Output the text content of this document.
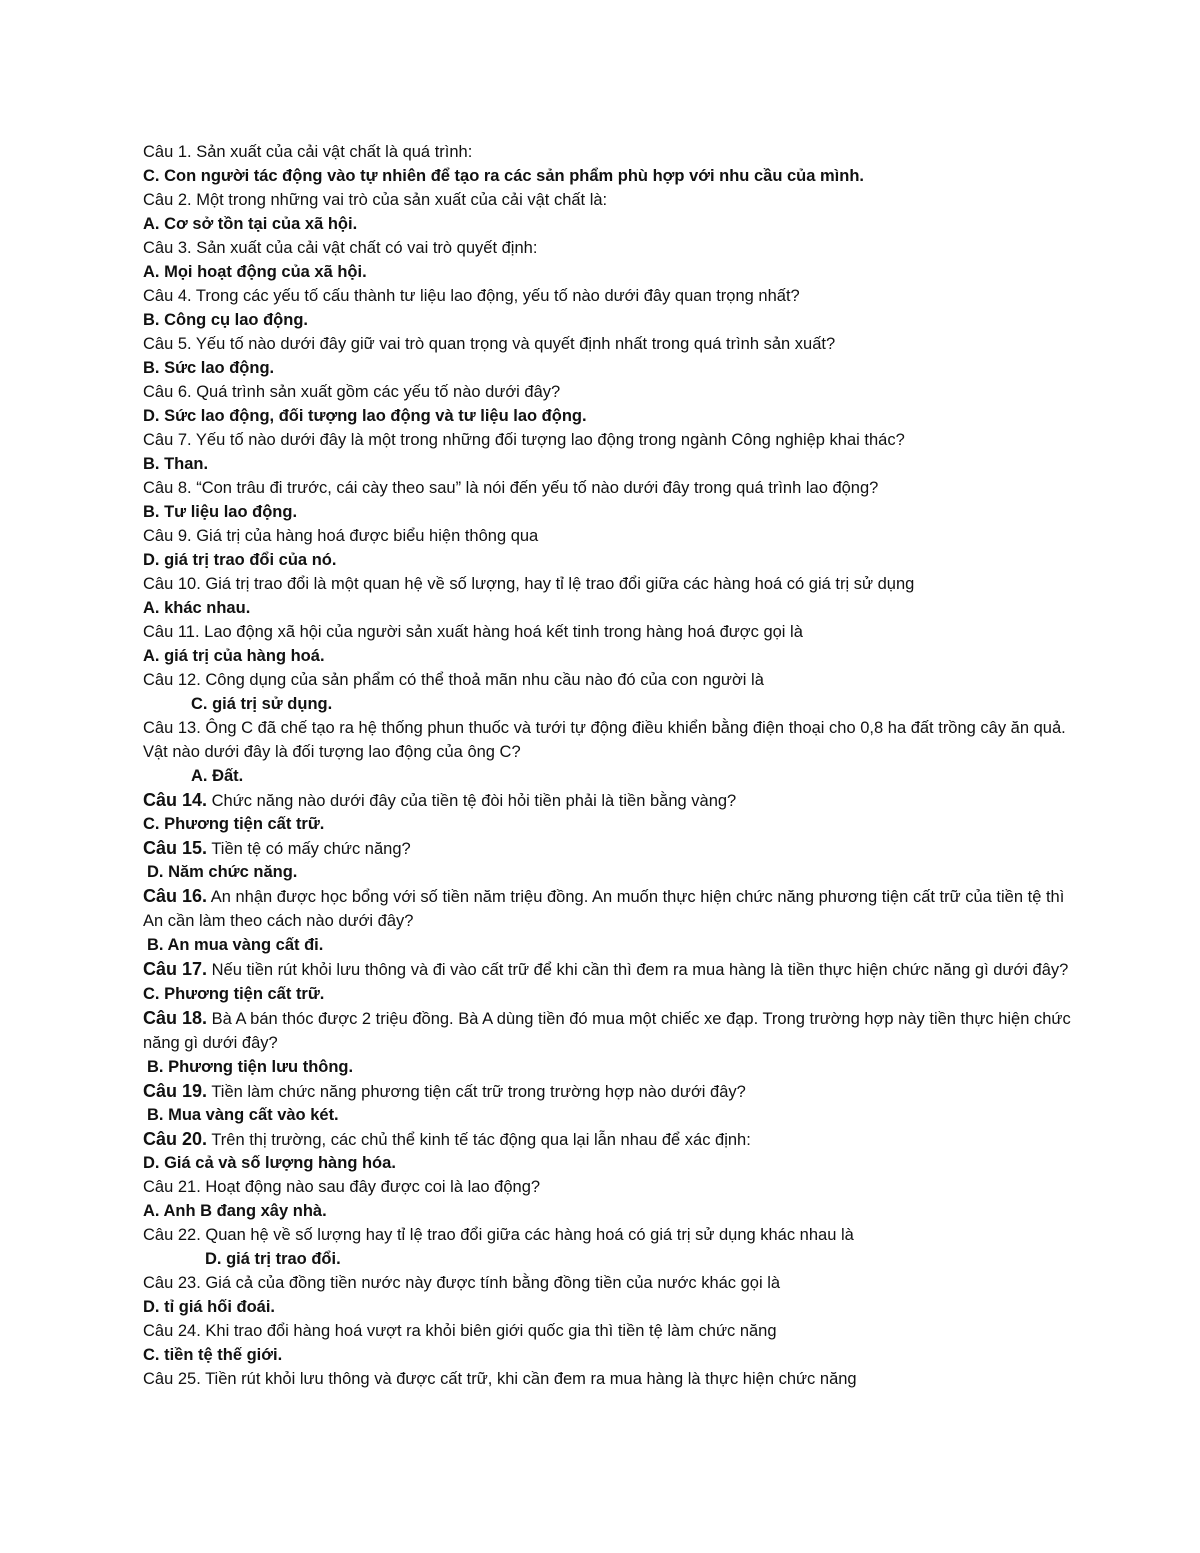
Câu 1. Sản xuất của cải vật chất là quá trình:
C. Con người tác động vào tự nhiên để tạo ra các sản phẩm phù hợp với nhu cầu của mình.
Câu 2. Một trong những vai trò của sản xuất của cải vật chất là:
A. Cơ sở tồn tại của xã hội.
Câu 3. Sản xuất của cải vật chất có vai trò quyết định:
A. Mọi hoạt động của xã hội.
Câu 4. Trong các yếu tố cấu thành tư liệu lao động, yếu tố nào dưới đây quan trọng nhất?
B. Công cụ lao động.
Câu 5. Yếu tố nào dưới đây giữ vai trò quan trọng và quyết định nhất trong quá trình sản xuất?
B. Sức lao động.
Câu 6. Quá trình sản xuất gồm các yếu tố nào dưới đây?
D. Sức lao động, đối tượng lao động và tư liệu lao động.
Câu 7. Yếu tố nào dưới đây là một trong những đối tượng lao động trong ngành Công nghiệp khai thác?
B. Than.
Câu 8. “Con trâu đi trước, cái cày theo sau” là nói đến yếu tố nào dưới đây trong quá trình lao động?
B. Tư liệu lao động.
Câu 9. Giá trị của hàng hoá được biểu hiện thông qua
D. giá trị trao đổi của nó.
Câu 10. Giá trị trao đổi là một quan hệ về số lượng, hay tỉ lệ trao đổi giữa các hàng hoá có giá trị sử dụng
A. khác nhau.
Câu 11. Lao động xã hội của người sản xuất hàng hoá kết tinh trong hàng hoá được gọi là
A. giá trị của hàng hoá.
Câu 12. Công dụng của sản phẩm có thể thoả mãn nhu cầu nào đó của con người là
C. giá trị sử dụng.
Câu 13. Ông C đã chế tạo ra hệ thống phun thuốc và tưới tự động điều khiển bằng điện thoại cho 0,8 ha đất trồng cây ăn quả. Vật nào dưới đây là đối tượng lao động của ông C?
A. Đất.
Câu 14. Chức năng nào dưới đây của tiền tệ đòi hỏi tiền phải là tiền bằng vàng?
C. Phương tiện cất trữ.
Câu 15. Tiền tệ có mấy chức năng?
D. Năm chức năng.
Câu 16. An nhận được học bổng với số tiền năm triệu đồng. An muốn thực hiện chức năng phương tiện cất trữ của tiền tệ thì An cần làm theo cách nào dưới đây?
B. An mua vàng cất đi.
Câu 17. Nếu tiền rút khỏi lưu thông và đi vào cất trữ để khi cần thì đem ra mua hàng là tiền thực hiện chức năng gì dưới đây?
C. Phương tiện cất trữ.
Câu 18. Bà A bán thóc được 2 triệu đồng. Bà A dùng tiền đó mua một chiếc xe đạp. Trong trường hợp này tiền thực hiện chức năng gì dưới đây?
B. Phương tiện lưu thông.
Câu 19. Tiền làm chức năng phương tiện cất trữ trong trường hợp nào dưới đây?
B. Mua vàng cất vào két.
Câu 20. Trên thị trường, các chủ thể kinh tế tác động qua lại lẫn nhau để xác định:
D. Giá cả và số lượng hàng hóa.
Câu 21. Hoạt động nào sau đây được coi là lao động?
A. Anh B đang xây nhà.
Câu 22. Quan hệ về số lượng hay tỉ lệ trao đổi giữa các hàng hoá có giá trị sử dụng khác nhau là
D. giá trị trao đổi.
Câu 23. Giá cả của đồng tiền nước này được tính bằng đồng tiền của nước khác gọi là
D. tỉ giá hối đoái.
Câu 24. Khi trao đổi hàng hoá vượt ra khỏi biên giới quốc gia thì tiền tệ làm chức năng
C. tiền tệ thế giới.
Câu 25. Tiền rút khỏi lưu thông và được cất trữ, khi cần đem ra mua hàng là thực hiện chức năng
